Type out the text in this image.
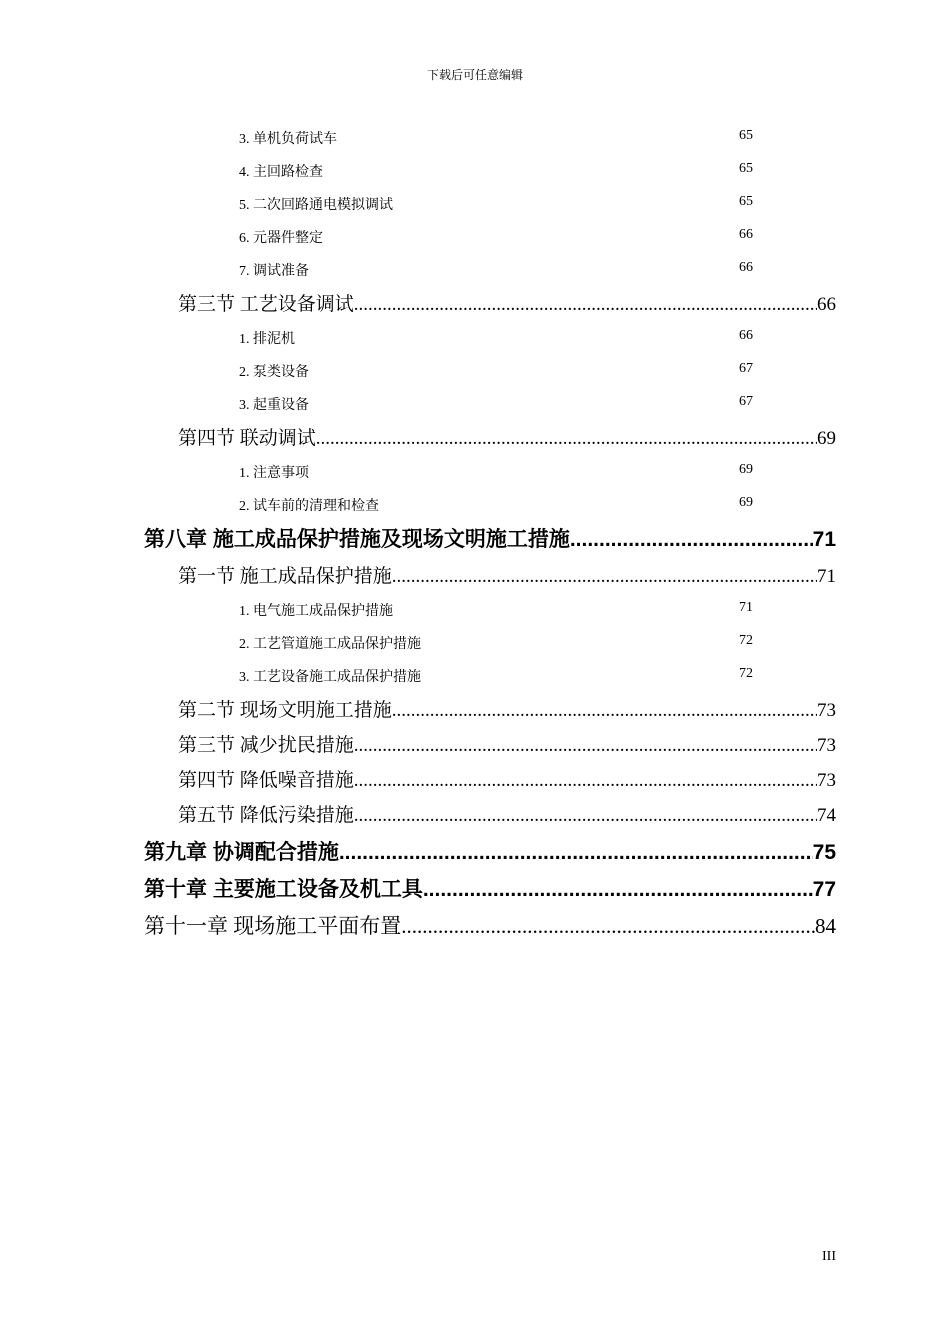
下载后可任意编辑
3. 单机负荷试车	65
4. 主回路检查	65
5. 二次回路通电模拟调试	65
6. 元器件整定	66
7. 调试准备	66
第三节 工艺设备调试 .....	66
1. 排泥机	66
2. 泵类设备	67
3. 起重设备	67
第四节 联动调试 .....	69
1. 注意事项	69
2. 试车前的清理和检查	69
第八章 施工成品保护措施及现场文明施工措施 .....	71
第一节 施工成品保护措施 .....	71
1. 电气施工成品保护措施	71
2. 工艺管道施工成品保护措施	72
3. 工艺设备施工成品保护措施	72
第二节 现场文明施工措施 .....	73
第三节 减少扰民措施 .....	73
第四节 降低噪音措施 .....	73
第五节 降低污染措施 .....	74
第九章 协调配合措施 .....	75
第十章 主要施工设备及机工具 .....	77
第十一章 现场施工平面布置 .....	84
III
